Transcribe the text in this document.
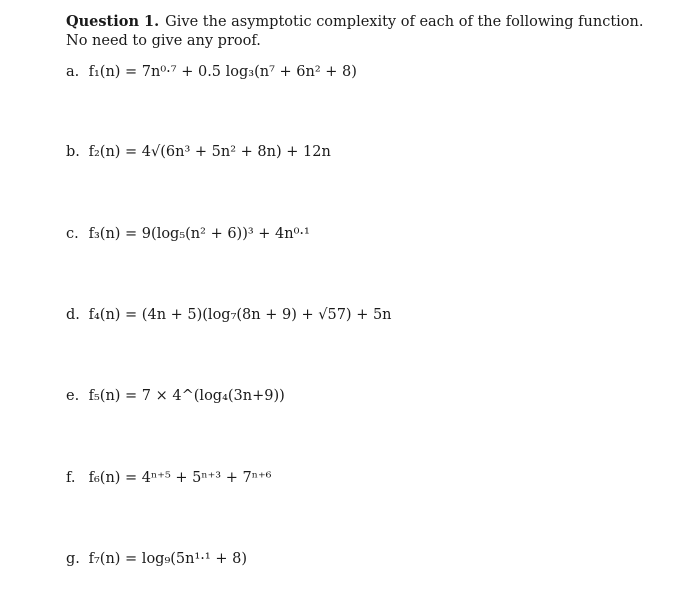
Question 1. Give the asymptotic complexity of each of the following function. No need to give any proof.
a. f₁(n) = 7n⁰·⁷ + 0.5 log₃(n⁷ + 6n² + 8)
b. f₂(n) = 4√(6n³ + 5n² + 8n) + 12n
c. f₃(n) = 9(log₅(n² + 6))³ + 4n⁰·¹
d. f₄(n) = (4n + 5)(log₇(8n + 9) + √57) + 5n
e. f₅(n) = 7 × 4^(log₄(3n+9))
f. f₆(n) = 4ⁿ⁺⁵ + 5ⁿ⁺³ + 7ⁿ⁺⁶
g. f₇(n) = log₉(5n¹·¹ + 8)
